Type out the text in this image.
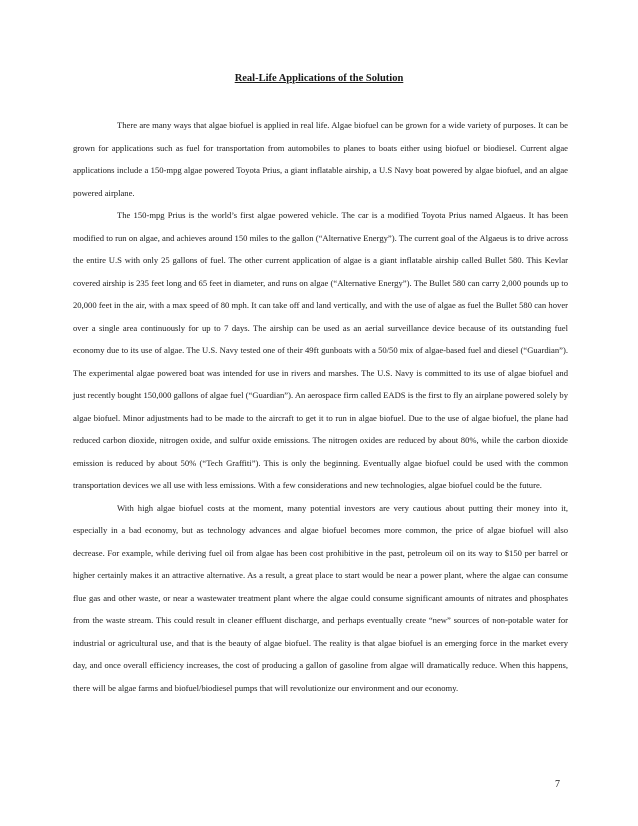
Real-Life Applications of the Solution

There are many ways that algae biofuel is applied in real life. Algae biofuel can be grown for a wide variety of purposes. It can be grown for applications such as fuel for transportation from automobiles to planes to boats either using biofuel or biodiesel. Current algae applications include a 150-mpg algae powered Toyota Prius, a giant inflatable airship, a U.S Navy boat powered by algae biofuel, and an algae powered airplane.

The 150-mpg Prius is the world’s first algae powered vehicle. The car is a modified Toyota Prius named Algaeus. It has been modified to run on algae, and achieves around 150 miles to the gallon (“Alternative Energy”). The current goal of the Algaeus is to drive across the entire U.S with only 25 gallons of fuel. The other current application of algae is a giant inflatable airship called Bullet 580. This Kevlar covered airship is 235 feet long and 65 feet in diameter, and runs on algae (“Alternative Energy”). The Bullet 580 can carry 2,000 pounds up to 20,000 feet in the air, with a max speed of 80 mph. It can take off and land vertically, and with the use of algae as fuel the Bullet 580 can hover over a single area continuously for up to 7 days. The airship can be used as an aerial surveillance device because of its outstanding fuel economy due to its use of algae. The U.S. Navy tested one of their 49ft gunboats with a 50/50 mix of algae-based fuel and diesel (“Guardian”). The experimental algae powered boat was intended for use in rivers and marshes. The U.S. Navy is committed to its use of algae biofuel and just recently bought 150,000 gallons of algae fuel (“Guardian”). An aerospace firm called EADS is the first to fly an airplane powered solely by algae biofuel. Minor adjustments had to be made to the aircraft to get it to run in algae biofuel. Due to the use of algae biofuel, the plane had reduced carbon dioxide, nitrogen oxide, and sulfur oxide emissions. The nitrogen oxides are reduced by about 80%, while the carbon dioxide emission is reduced by about 50% (“Tech Graffiti”). This is only the beginning. Eventually algae biofuel could be used with the common transportation devices we all use with less emissions. With a few considerations and new technologies, algae biofuel could be the future.

With high algae biofuel costs at the moment, many potential investors are very cautious about putting their money into it, especially in a bad economy, but as technology advances and algae biofuel becomes more common, the price of algae biofuel will also decrease. For example, while deriving fuel oil from algae has been cost prohibitive in the past, petroleum oil on its way to $150 per barrel or higher certainly makes it an attractive alternative. As a result, a great place to start would be near a power plant, where the algae can consume flue gas and other waste, or near a wastewater treatment plant where the algae could consume significant amounts of nitrates and phosphates from the waste stream. This could result in cleaner effluent discharge, and perhaps eventually create “new” sources of non-potable water for industrial or agricultural use, and that is the beauty of algae biofuel. The reality is that algae biofuel is an emerging force in the market every day, and once overall efficiency increases, the cost of producing a gallon of gasoline from algae will dramatically reduce. When this happens, there will be algae farms and biofuel/biodiesel pumps that will revolutionize our environment and our economy.

7
